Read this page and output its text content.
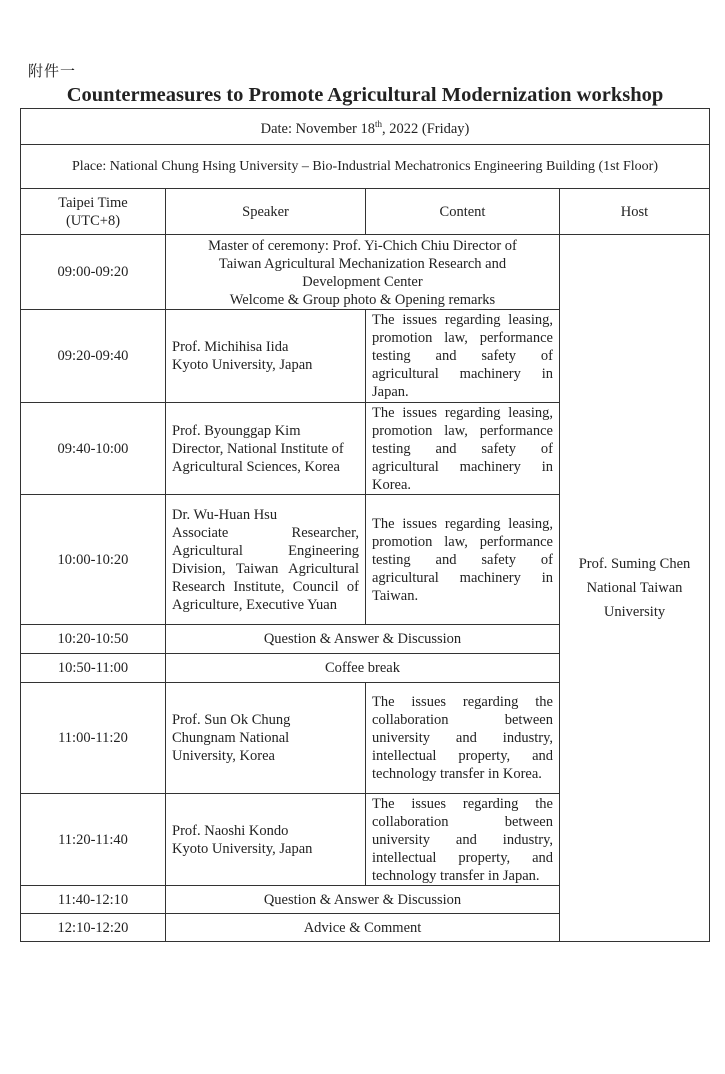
附件一
Countermeasures to Promote Agricultural Modernization workshop
Date: November 18th, 2022 (Friday)			
Place: National Chung Hsing University – Bio-Industrial Mechatronics Engineering Building (1st Floor)			

Taipei Time
(UTC+8)	Speaker	Content	Host
09:00-09:20	Master of ceremony: Prof. Yi-Chich Chiu Director of
Taiwan Agricultural Mechanization Research and
Development Center
Welcome & Group photo & Opening remarks		Prof. Suming Chen
National Taiwan
University

09:20-09:40	Prof. Michihisa Iida
Kyoto University, Japan	The issues regarding leasing, promotion law, performance testing and safety of agricultural machinery in Japan.	
09:40-10:00	Prof. Byounggap Kim
Director, National Institute of
Agricultural Sciences, Korea	The issues regarding leasing, promotion law, performance testing and safety of agricultural machinery in Korea.	
10:00-10:20	Dr. Wu-Huan Hsu
Associate Researcher, Agricultural Engineering Division, Taiwan Agricultural Research Institute, Council of Agriculture, Executive Yuan	The issues regarding leasing, promotion law, performance testing and safety of agricultural machinery in Taiwan.	
10:20-10:50	Question & Answer & Discussion		
10:50-11:00	Coffee break		
11:00-11:20	Prof. Sun Ok Chung
Chungnam National
University, Korea	The issues regarding the collaboration between university and industry, intellectual property, and technology transfer in Korea.	
11:20-11:40	Prof. Naoshi Kondo
Kyoto University, Japan	The issues regarding the collaboration between university and industry, intellectual property, and technology transfer in Japan.	
11:40-12:10	Question & Answer & Discussion		
12:10-12:20	Advice & Comment		
